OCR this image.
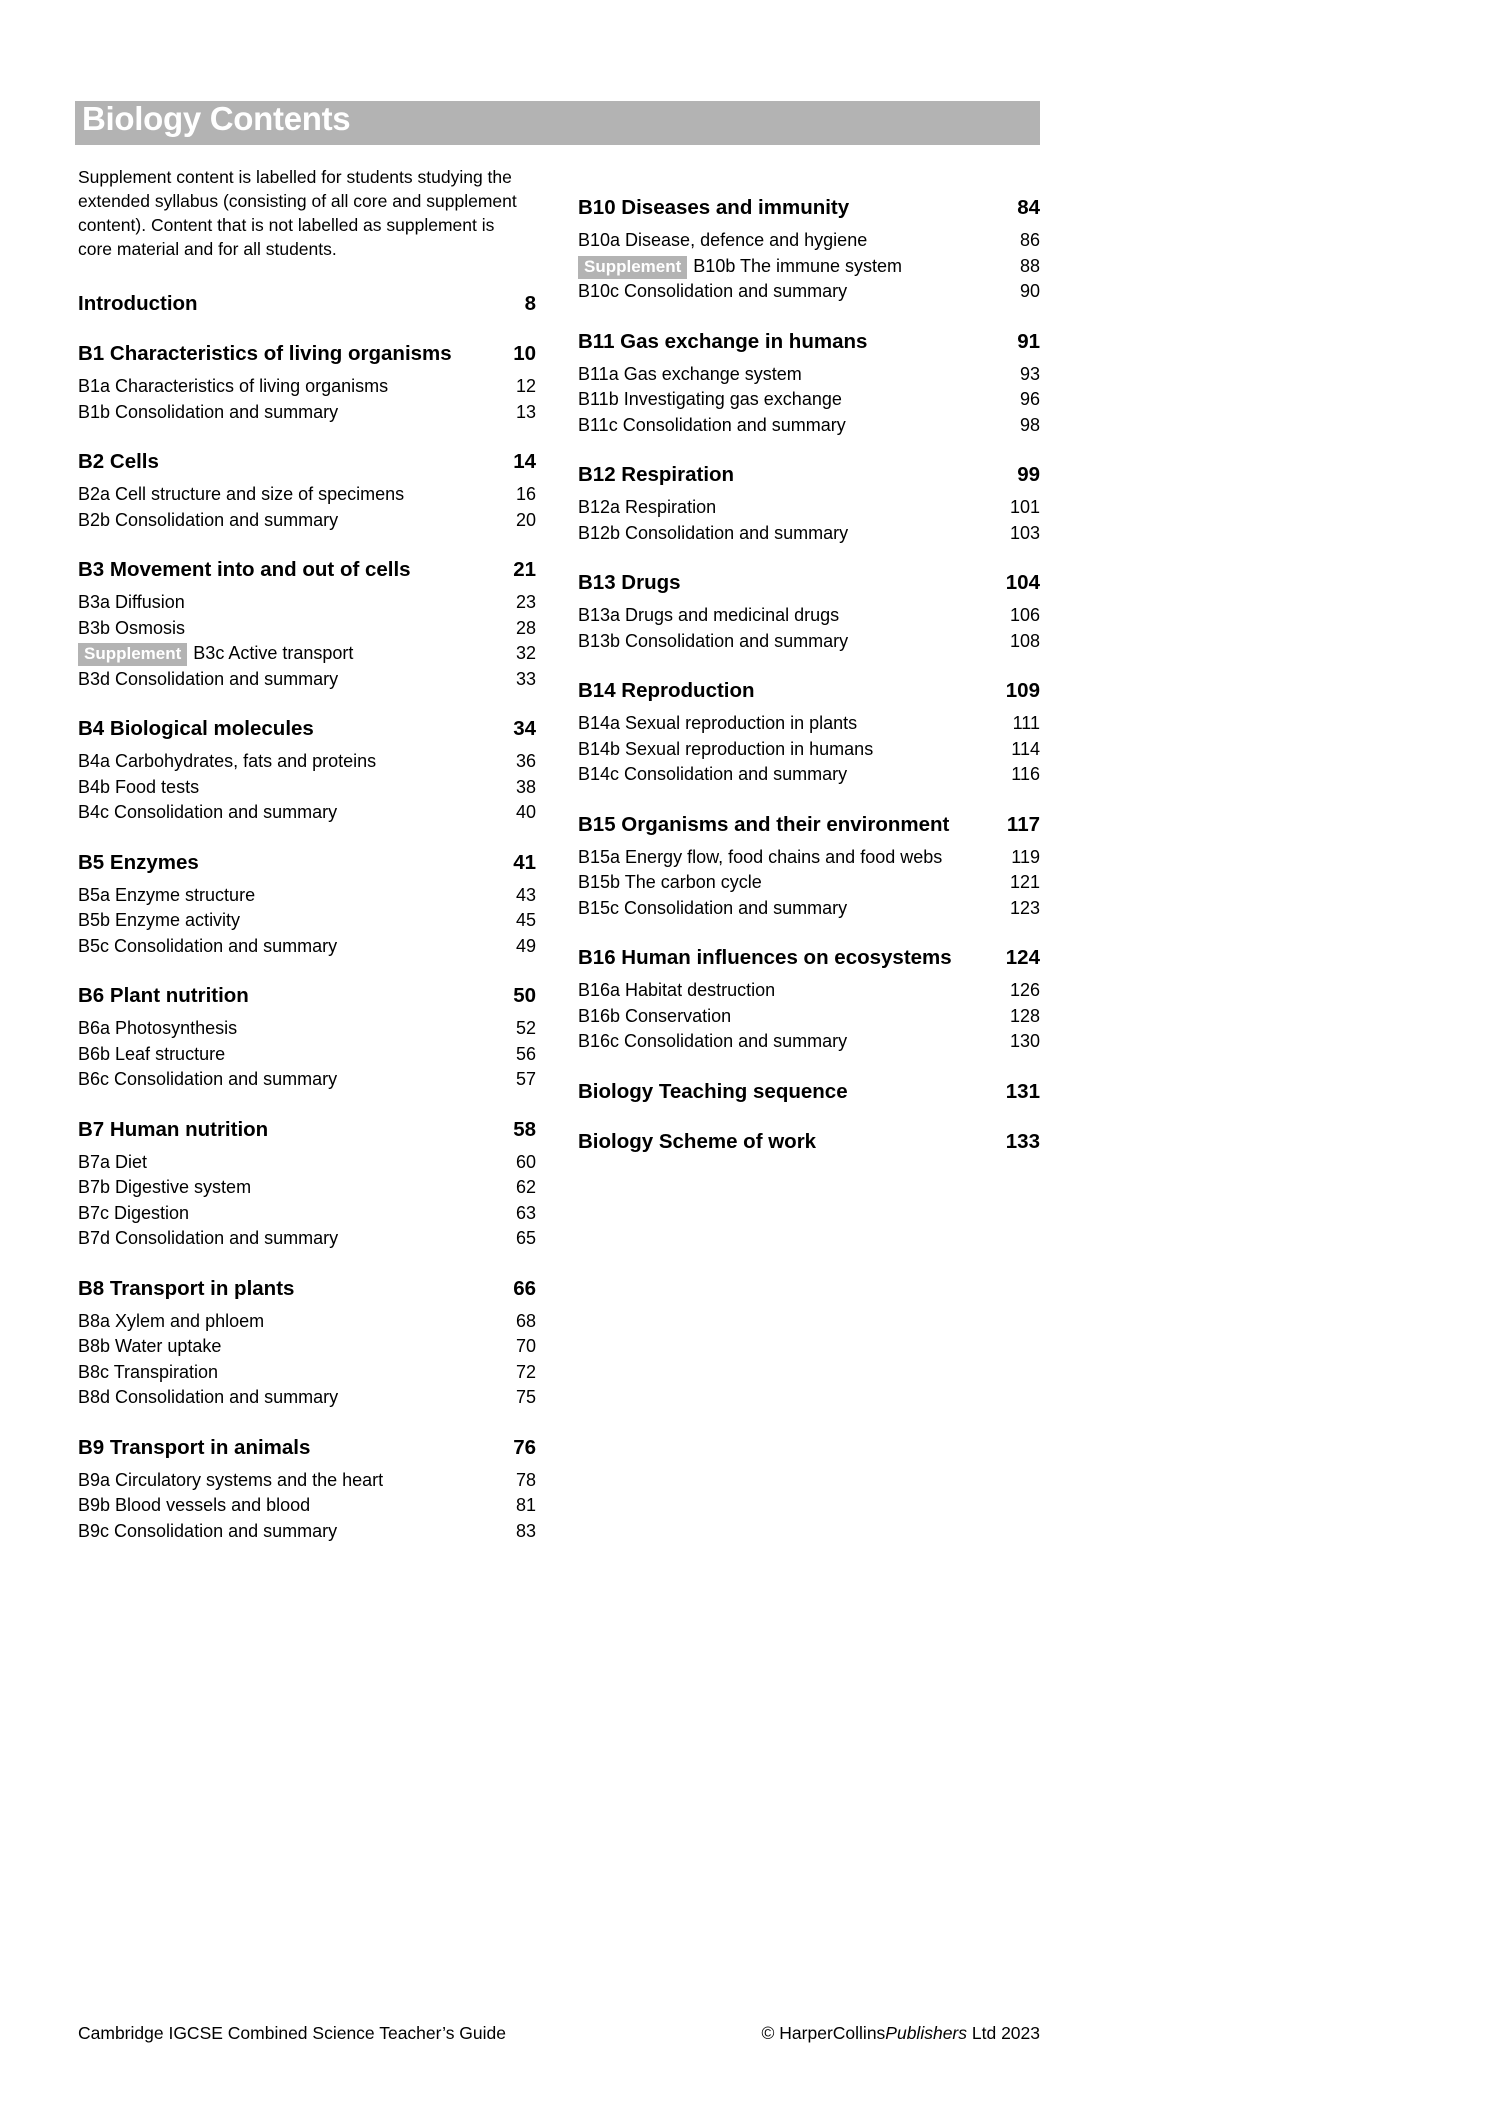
Biology Contents

Supplement content is labelled for students studying the extended syllabus (consisting of all core and supplement content). Content that is not labelled as supplement is core material and for all students.

Introduction	8
B1 Characteristics of living organisms	10
B1a Characteristics of living organisms	12
B1b Consolidation and summary	13
B2 Cells	14
B2a Cell structure and size of specimens	16
B2b Consolidation and summary	20
B3 Movement into and out of cells	21
B3a Diffusion	23
B3b Osmosis	28
Supplement B3c Active transport	32
B3d Consolidation and summary	33
B4 Biological molecules	34
B4a Carbohydrates, fats and proteins	36
B4b Food tests	38
B4c Consolidation and summary	40
B5 Enzymes	41
B5a Enzyme structure	43
B5b Enzyme activity	45
B5c Consolidation and summary	49
B6 Plant nutrition	50
B6a Photosynthesis	52
B6b Leaf structure	56
B6c Consolidation and summary	57
B7 Human nutrition	58
B7a Diet	60
B7b Digestive system	62
B7c Digestion	63
B7d Consolidation and summary	65
B8 Transport in plants	66
B8a Xylem and phloem	68
B8b Water uptake	70
B8c Transpiration	72
B8d Consolidation and summary	75
B9 Transport in animals	76
B9a Circulatory systems and the heart	78
B9b Blood vessels and blood	81
B9c Consolidation and summary	83
B10 Diseases and immunity	84
B10a Disease, defence and hygiene	86
Supplement B10b The immune system	88
B10c Consolidation and summary	90
B11 Gas exchange in humans	91
B11a Gas exchange system	93
B11b Investigating gas exchange	96
B11c Consolidation and summary	98
B12 Respiration	99
B12a Respiration	101
B12b Consolidation and summary	103
B13 Drugs	104
B13a Drugs and medicinal drugs	106
B13b Consolidation and summary	108
B14 Reproduction	109
B14a Sexual reproduction in plants	111
B14b Sexual reproduction in humans	114
B14c Consolidation and summary	116
B15 Organisms and their environment	117
B15a Energy flow, food chains and food webs	119
B15b The carbon cycle	121
B15c Consolidation and summary	123
B16 Human influences on ecosystems	124
B16a Habitat destruction	126
B16b Conservation	128
B16c Consolidation and summary	130
Biology Teaching sequence	131
Biology Scheme of work	133
Cambridge IGCSE Combined Science Teacher’s Guide	© HarperCollinsPublishers Ltd 2023
